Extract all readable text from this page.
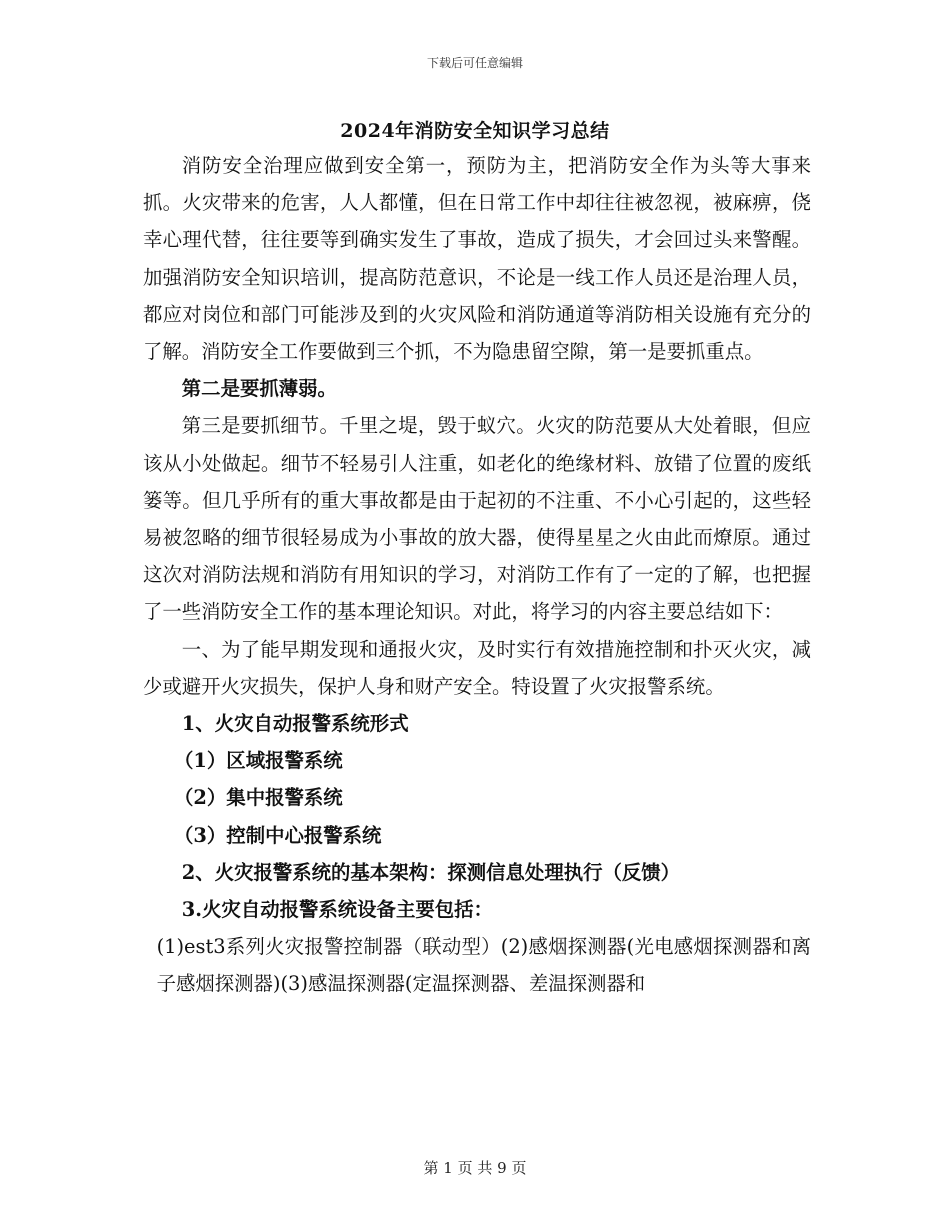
下载后可任意编辑
2024年消防安全知识学习总结

消防安全治理应做到安全第一，预防为主，把消防安全作为头等大事来抓。火灾带来的危害，人人都懂，但在日常工作中却往往被忽视，被麻痹，侥幸心理代替，往往要等到确实发生了事故，造成了损失，才会回过头来警醒。加强消防安全知识培训，提高防范意识，不论是一线工作人员还是治理人员，都应对岗位和部门可能涉及到的火灾风险和消防通道等消防相关设施有充分的了解。消防安全工作要做到三个抓，不为隐患留空隙，第一是要抓重点。

第二是要抓薄弱。

第三是要抓细节。千里之堤，毁于蚁穴。火灾的防范要从大处着眼，但应该从小处做起。细节不轻易引人注重，如老化的绝缘材料、放错了位置的废纸篓等。但几乎所有的重大事故都是由于起初的不注重、不小心引起的，这些轻易被忽略的细节很轻易成为小事故的放大器，使得星星之火由此而燎原。通过这次对消防法规和消防有用知识的学习，对消防工作有了一定的了解，也把握了一些消防安全工作的基本理论知识。对此，将学习的内容主要总结如下：

一、为了能早期发现和通报火灾，及时实行有效措施控制和扑灭火灾，减少或避开火灾损失，保护人身和财产安全。特设置了火灾报警系统。

1、火灾自动报警系统形式

（1）区域报警系统

（2）集中报警系统

（3）控制中心报警系统

2、火灾报警系统的基本架构：探测信息处理执行（反馈）

3.火灾自动报警系统设备主要包括：

(1)est3系列火灾报警控制器（联动型）(2)感烟探测器(光电感烟探测器和离子感烟探测器)(3)感温探测器(定温探测器、差温探测器和

第 1 页 共 9 页
